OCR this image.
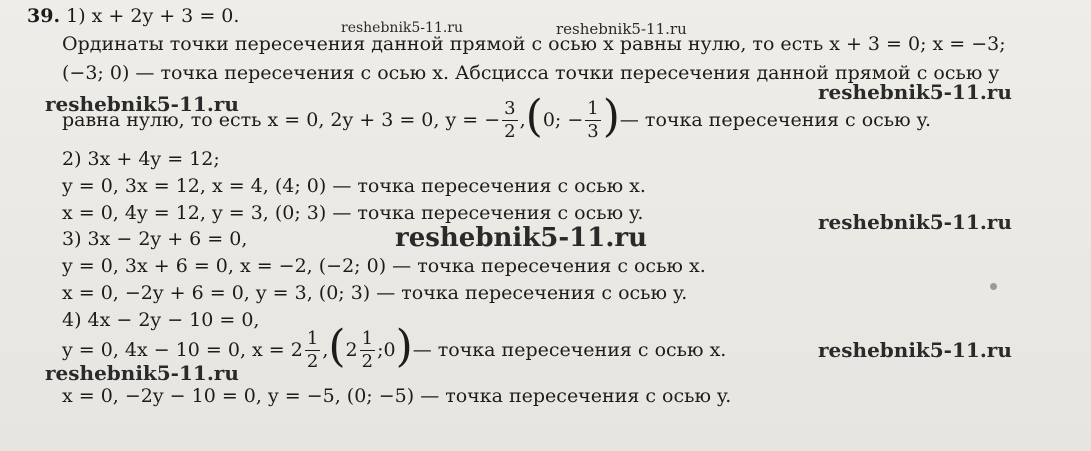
reshebnik5-11.ru	reshebnik5-11.ru
reshebnik5-11.ru	reshebnik5-11.ru
reshebnik5-11.ru
reshebnik5-11.ru
reshebnik5-11.ru
reshebnik5-11.ru
39. 1) x + 2y + 3 = 0.
Ординаты точки пересечения данной прямой с осью x равны нулю, то есть x + 3 = 0; x = −3;
(−3; 0) — точка пересечения с осью x. Абсцисса точки пересечения данной прямой с осью y
равна нулю, то есть x = 0, 2y + 3 = 0, y = − $\frac{3}{2}$ , ( 0; − $\frac{1}{3}$ ) — точка пересечения с осью y.
2) 3x + 4y = 12;
y = 0, 3x = 12, x = 4, (4; 0) — точка пересечения с осью x.
x = 0, 4y = 12, y = 3, (0; 3) — точка пересечения с осью y.
3) 3x − 2y + 6 = 0,
y = 0, 3x + 6 = 0, x = −2, (−2; 0) — точка пересечения с осью x.
x = 0, −2y + 6 = 0, y = 3, (0; 3) — точка пересечения с осью y.
4) 4x − 2y − 10 = 0,
y = 0, 4x − 10 = 0, $x = 2 \frac{1}{2}$ , ( $2 \frac{1}{2}$ ;0 ) — точка пересечения с осью x.
x = 0, −2y − 10 = 0, y = −5, (0; −5) — точка пересечения с осью y.
